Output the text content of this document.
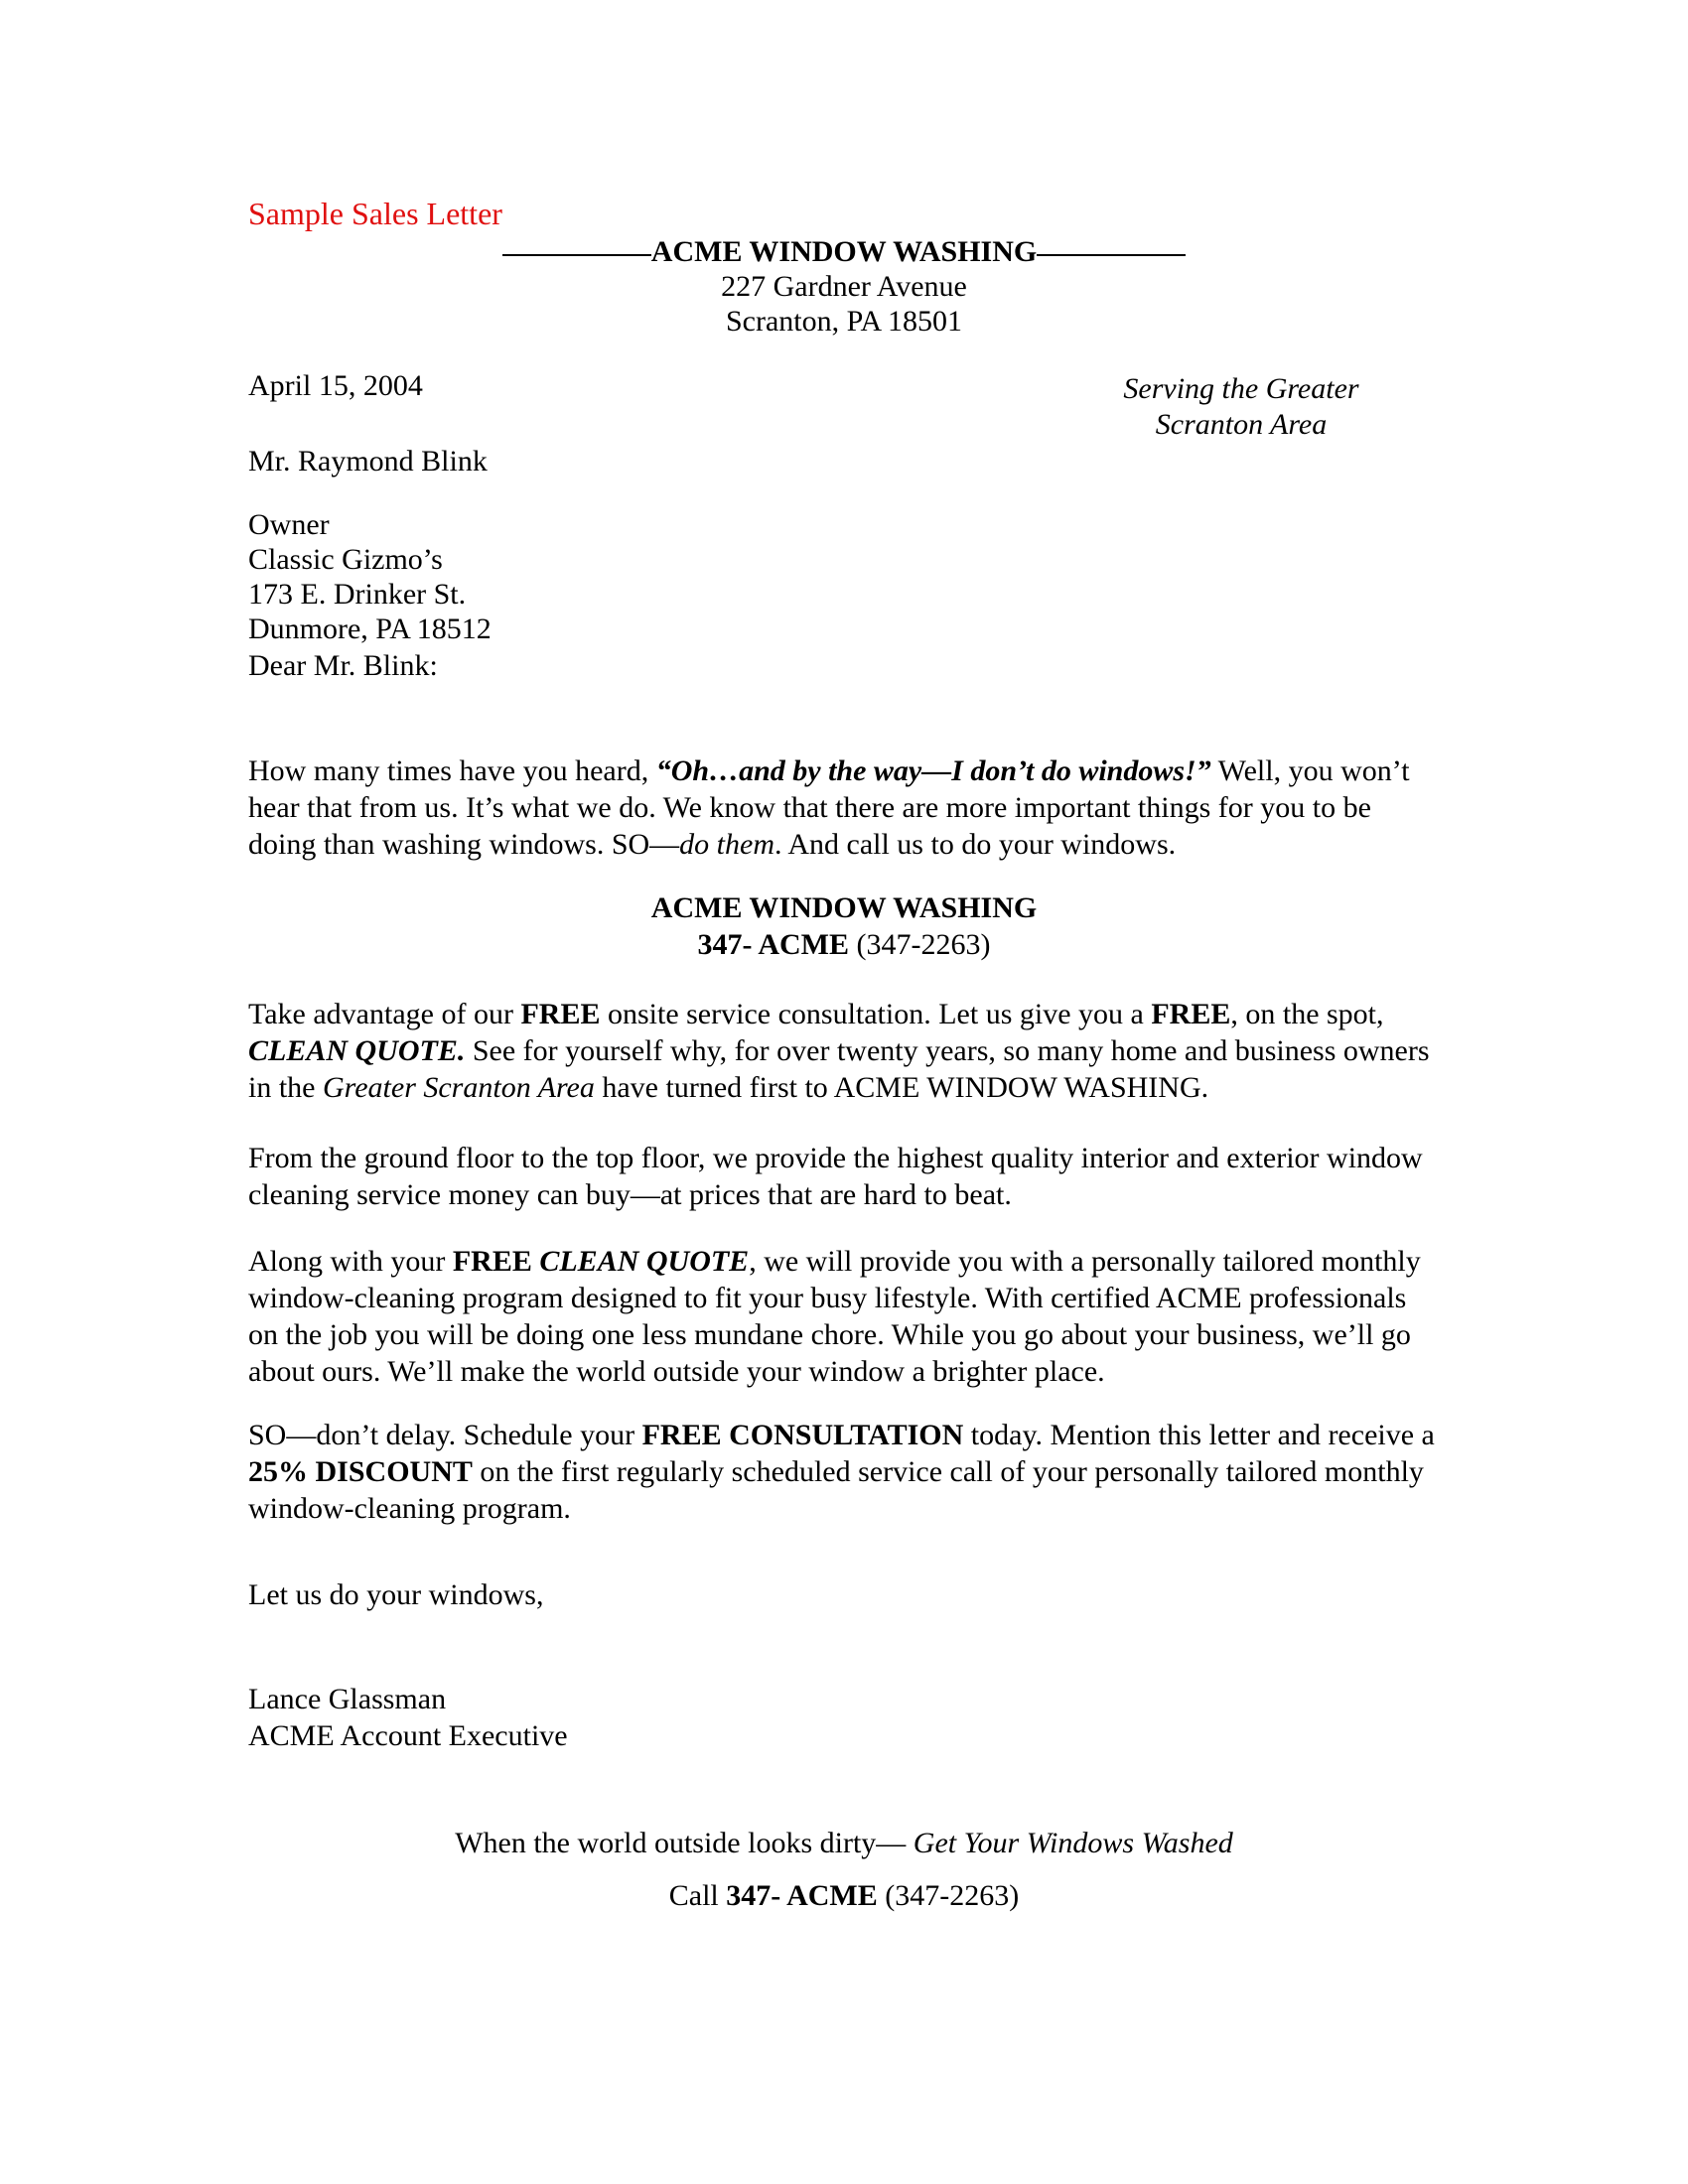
Sample Sales Letter
ACME WINDOW WASHING
227 Gardner Avenue
Scranton, PA 18501
April 15, 2004	Serving the Greater
Scranton Area
Mr. Raymond Blink
Owner
Classic Gizmo’s
173 E. Drinker St.
Dunmore, PA 18512
Dear Mr. Blink:

How many times have you heard, “Oh…and by the way—I don’t do windows!” Well, you won’t hear that from us. It’s what we do. We know that there are more important things for you to be doing than washing windows. SO—do them. And call us to do your windows.

ACME WINDOW WASHING
347- ACME (347-2263)

Take advantage of our FREE onsite service consultation. Let us give you a FREE, on the spot, CLEAN QUOTE. See for yourself why, for over twenty years, so many home and business owners in the Greater Scranton Area have turned first to ACME WINDOW WASHING.

From the ground floor to the top floor, we provide the highest quality interior and exterior window cleaning service money can buy—at prices that are hard to beat.

Along with your FREE CLEAN QUOTE, we will provide you with a personally tailored monthly window-cleaning program designed to fit your busy lifestyle. With certified ACME professionals on the job you will be doing one less mundane chore. While you go about your business, we’ll go about ours. We’ll make the world outside your window a brighter place.

SO—don’t delay. Schedule your FREE CONSULTATION today. Mention this letter and receive a 25% DISCOUNT on the first regularly scheduled service call of your personally tailored monthly window-cleaning program.

Let us do your windows,
Lance Glassman
ACME Account Executive
When the world outside looks dirty— Get Your Windows Washed
Call 347- ACME (347-2263)
